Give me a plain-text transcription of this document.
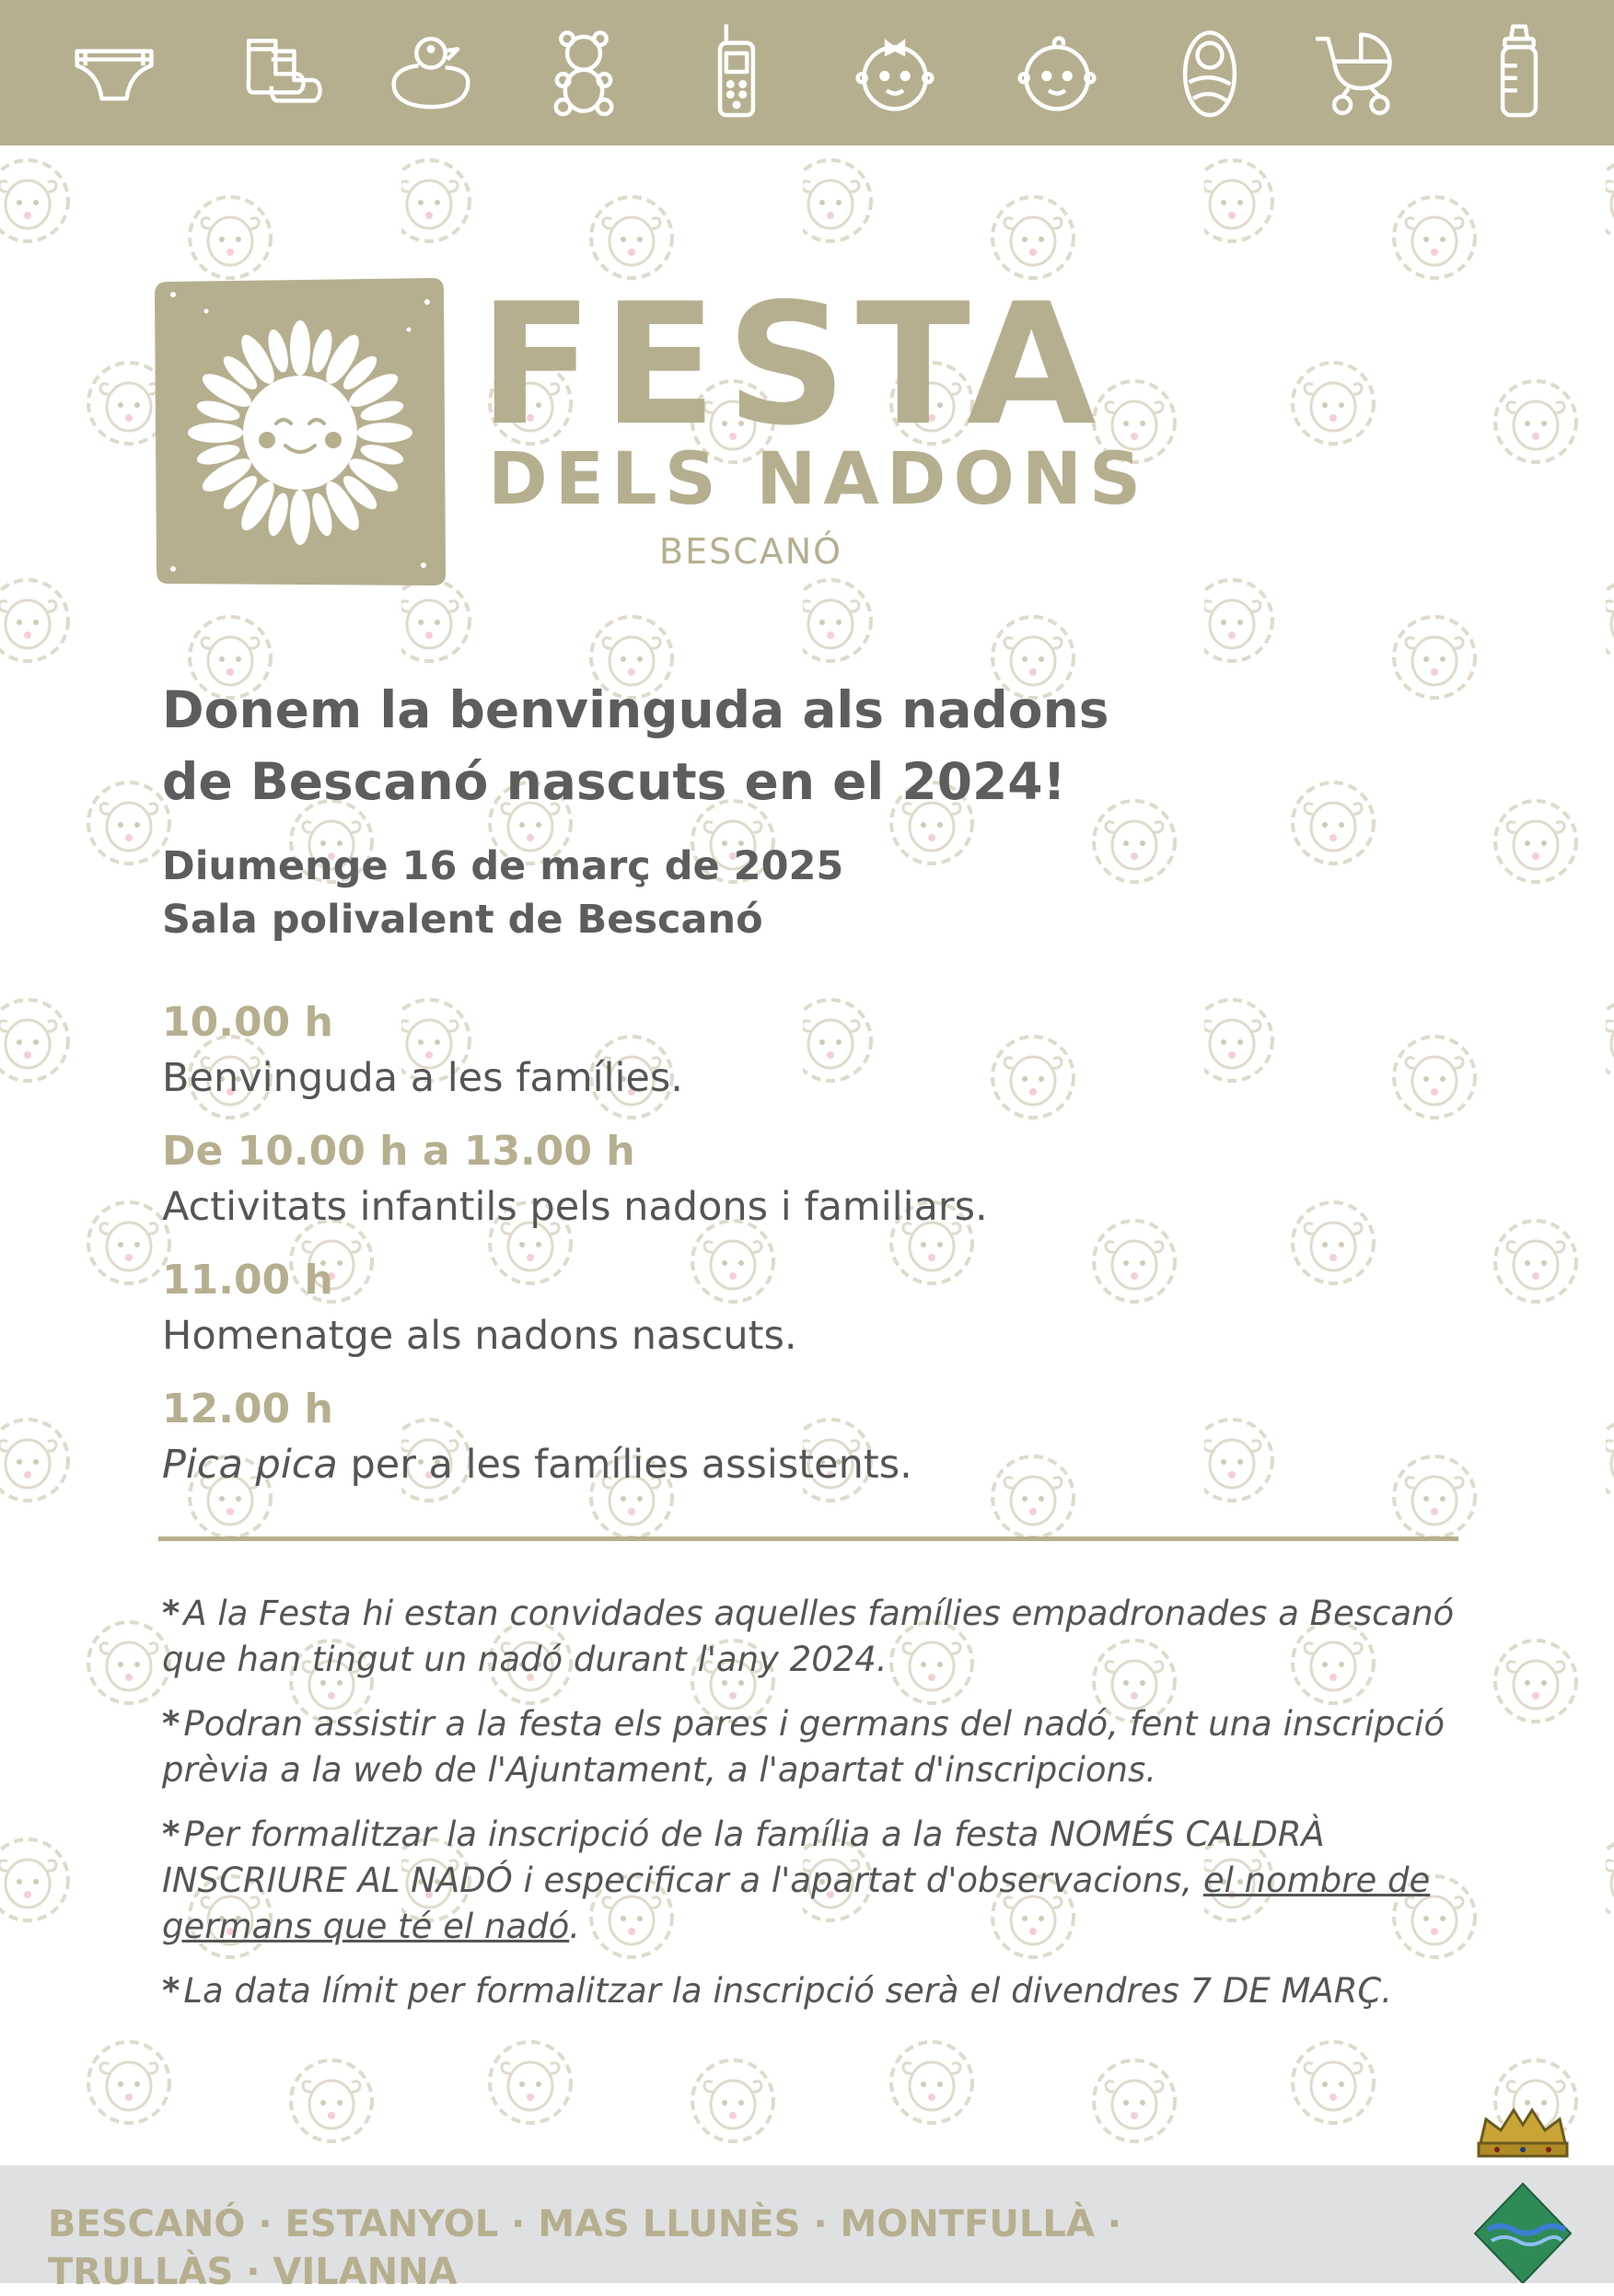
FESTA
DELS NADONS
BESCANÓ
Donem la benvinguda als nadons
de Bescanó nascuts en el 2024!
Diumenge 16 de març de 2025
Sala polivalent de Bescanó
10.00 h
Benvinguda a les famílies.
De 10.00 h a 13.00 h
Activitats infantils pels nadons i familiars.
11.00 h
Homenatge als nadons nascuts.
12.00 h
Pica pica per a les famílies assistents.

* A la Festa hi estan convidades aquelles famílies empadronades a Bescanó que han tingut un nadó durant l'any 2024.

* Podran assistir a la festa els pares i germans del nadó, fent una inscripció prèvia a la web de l'Ajuntament, a l'apartat d'inscripcions.

* Per formalitzar la inscripció de la família a la festa NOMÉS CALDRÀ INSCRIURE AL NADÓ i especificar a l'apartat d'observacions, el nombre de germans que té el nadó.

* La data límit per formalitzar la inscripció serà el divendres 7 DE MARÇ.

BESCANÓ · ESTANYOL · MAS LLUNÈS · MONTFULLÀ · TRULLÀS · VILANNA
